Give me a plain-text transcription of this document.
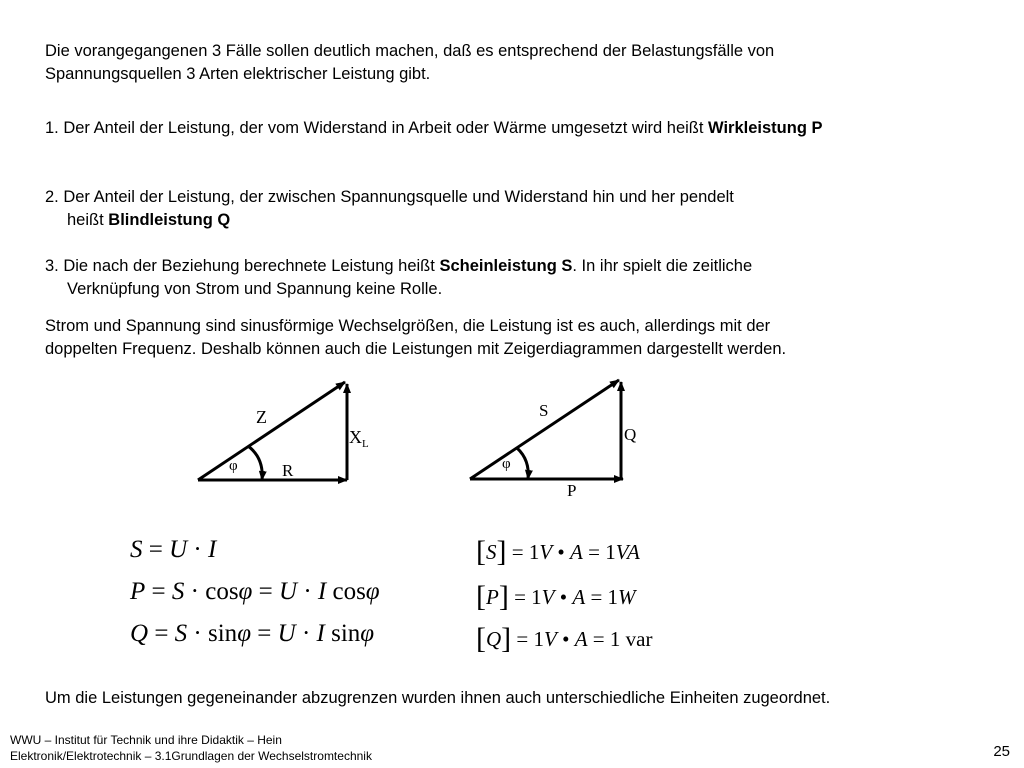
Die vorangegangenen 3 Fälle sollen deutlich machen, daß es entsprechend der Belastungsfälle von
Spannungsquellen 3 Arten elektrischer Leistung gibt.
1. Der Anteil der Leistung, der vom Widerstand in Arbeit oder Wärme umgesetzt wird heißt Wirkleistung P
2. Der Anteil der Leistung, der zwischen Spannungsquelle und Widerstand hin und her pendelt
heißt Blindleistung Q
3. Die nach der Beziehung berechnete Leistung heißt Scheinleistung S. In ihr spielt die zeitliche
Verknüpfung von Strom und Spannung keine Rolle.
Strom und Spannung sind sinusförmige Wechselgrößen, die Leistung ist es auch, allerdings mit der
doppelten Frequenz. Deshalb können auch die Leistungen mit Zeigerdiagrammen dargestellt werden.
Z
$X_L$
R
φ
S
Q
P
φ
S = U · I
P = S · cosφ = U · I cosφ
Q = S · sinφ = U · I sinφ
[S] = 1V • A = 1VA
[P] = 1V • A = 1W
[Q] = 1V • A = 1 var
Um die Leistungen gegeneinander abzugrenzen wurden ihnen auch unterschiedliche Einheiten zugeordnet.
WWU – Institut für Technik und ihre Didaktik – Hein
Elektronik/Elektrotechnik – 3.1Grundlagen der Wechselstromtechnik	25
